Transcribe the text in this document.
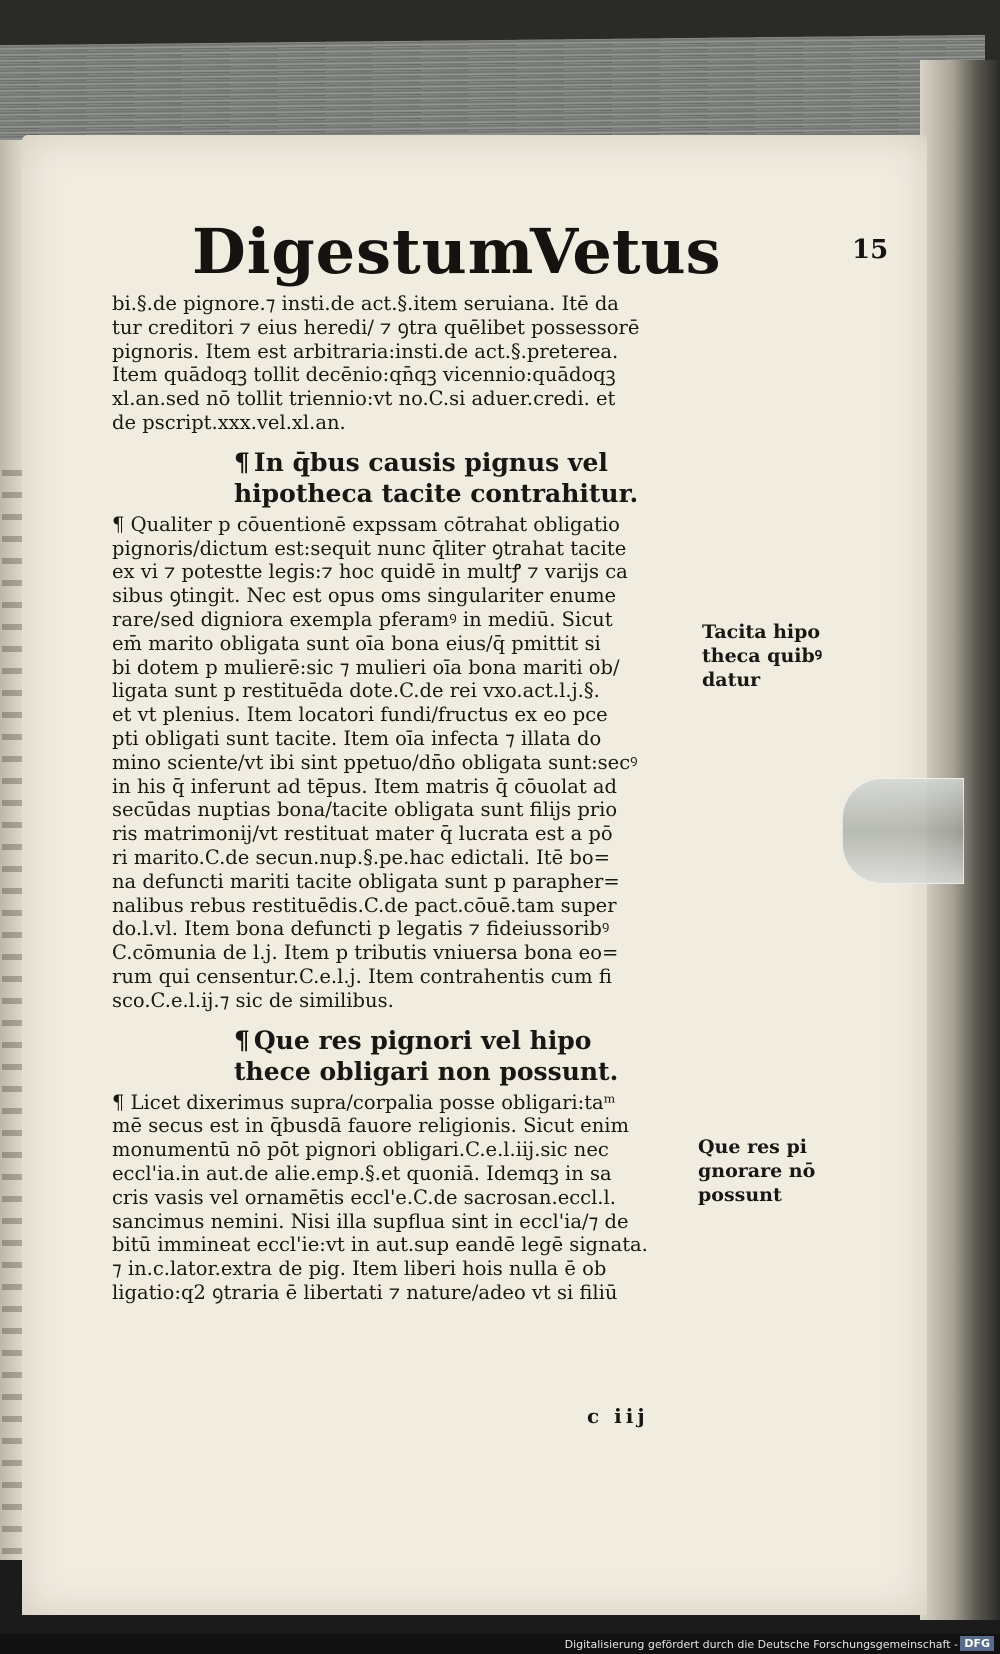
Digestum
Vetus	15
bi.§.de pignore.⁊ insti.de act.§.item seruiana. Itē da
tur creditori ⁊ eius heredi/ ⁊ ꝯtra quēlibet possessorē
pignoris. Item est arbitraria:insti.de act.§.preterea.
Item quādoqꝫ tollit decēnio:qn̄qꝫ vicennio:quādoqꝫ
xl.an.sed nō tollit triennio:vt no.C.si aduer.credi. et
de pscript.xxx.vel.xl.an.
¶ In q̄bus causis pignus vel
hipotheca tacite contrahitur.
¶ Qualiter p cōuentionē expssam cōtrahat obligatio
pignoris/dictum est:sequit nunc q̄liter ꝯtrahat tacite
ex vi ⁊ potestte legis:⁊ hoc quidē in multꝭ ⁊ varijs ca
sibus ꝯtingit. Nec est opus oms singulariter enume
rare/sed digniora exempla pferamꝰ in mediū. Sicut
em̄ marito obligata sunt oīa bona eius/q̄ pmittit si
bi dotem p mulierē:sic ⁊ mulieri oīa bona mariti ob/
ligata sunt p restituēda dote.C.de rei vxo.act.l.j.§.
et vt plenius. Item locatori fundi/fructus ex eo pce
pti obligati sunt tacite. Item oīa infecta ⁊ illata do
mino sciente/vt ibi sint ppetuo/dn̄o obligata sunt:secꝰ
in his q̄ inferunt ad tēpus. Item matris q̄ cōuolat ad
secūdas nuptias bona/tacite obligata sunt filijs prio
ris matrimonij/vt restituat mater q̄ lucrata est a pō
ri marito.C.de secun.nup.§.pe.hac edictali. Itē bo=
na defuncti mariti tacite obligata sunt p parapher=
nalibus rebus restituēdis.C.de pact.cōuē.tam super
do.l.vl. Item bona defuncti p legatis ⁊ fideiussoribꝰ
C.cōmunia de l.j. Item p tributis vniuersa bona eo=
rum qui censentur.C.e.l.j. Item contrahentis cum fi
sco.C.e.l.ij.⁊ sic de similibus.
¶ Que res pignori vel hipo
thece obligari non possunt.
¶ Licet dixerimus supra/corpalia posse obligari:taᵐ
mē secus est in q̄busdā fauore religionis. Sicut enim
monumentū nō pōt pignori obligari.C.e.l.iij.sic nec
eccl'ia.in aut.de alie.emp.§.et quoniā. Idemqꝫ in sa
cris vasis vel ornamētis eccl'e.C.de sacrosan.eccl.l.
sancimus nemini. Nisi illa supflua sint in eccl'ia/⁊ de
bitū immineat eccl'ie:vt in aut.sup eandē legē signata.
⁊ in.c.lator.extra de pig. Item liberi hois nulla ē ob
ligatio:q2 ꝯtraria ē libertati ⁊ nature/adeo vt si filiū
Tacita hipo
theca quibꝰ
datur
Que res pi
gnorare nō
possunt
c iij
Digitalisierung gefördert durch die Deutsche Forschungsgemeinschaft - DFG
